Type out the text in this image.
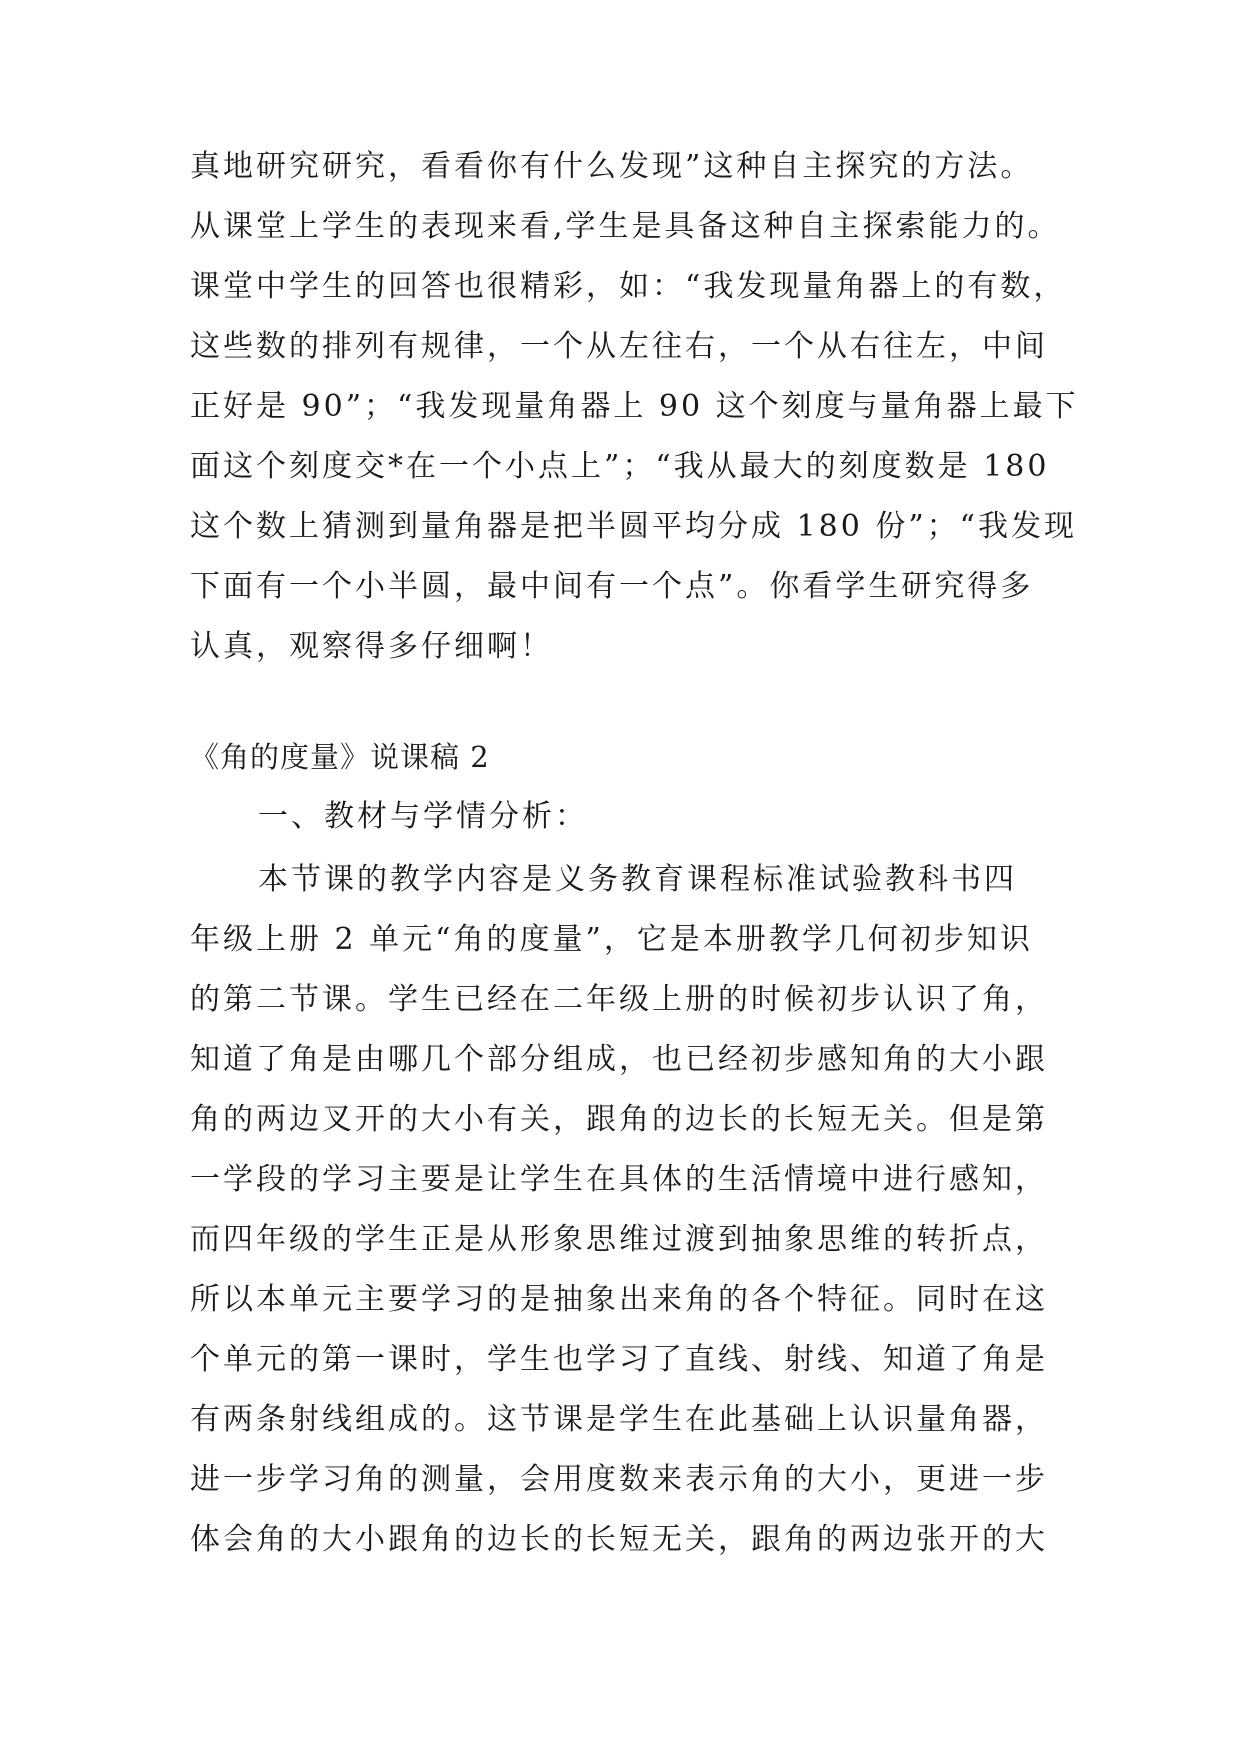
真地研究研究，看看你有什么发现”这种自主探究的方法。

从课堂上学生的表现来看,学生是具备这种自主探索能力的。

课堂中学生的回答也很精彩，如：“我发现量角器上的有数，

这些数的排列有规律，一个从左往右，一个从右往左，中间

正好是 90”；“我发现量角器上 90 这个刻度与量角器上最下

面这个刻度交*在一个小点上”；“我从最大的刻度数是 180

这个数上猜测到量角器是把半圆平均分成 180 份”；“我发现

下面有一个小半圆，最中间有一个点”。你看学生研究得多

认真，观察得多仔细啊！

《角的度量》说课稿 2

一、教材与学情分析：

本节课的教学内容是义务教育课程标准试验教科书四

年级上册 2 单元“角的度量”，它是本册教学几何初步知识

的第二节课。学生已经在二年级上册的时候初步认识了角，

知道了角是由哪几个部分组成，也已经初步感知角的大小跟

角的两边叉开的大小有关，跟角的边长的长短无关。但是第

一学段的学习主要是让学生在具体的生活情境中进行感知，

而四年级的学生正是从形象思维过渡到抽象思维的转折点，

所以本单元主要学习的是抽象出来角的各个特征。同时在这

个单元的第一课时，学生也学习了直线、射线、知道了角是

有两条射线组成的。这节课是学生在此基础上认识量角器，

进一步学习角的测量，会用度数来表示角的大小，更进一步

体会角的大小跟角的边长的长短无关，跟角的两边张开的大
